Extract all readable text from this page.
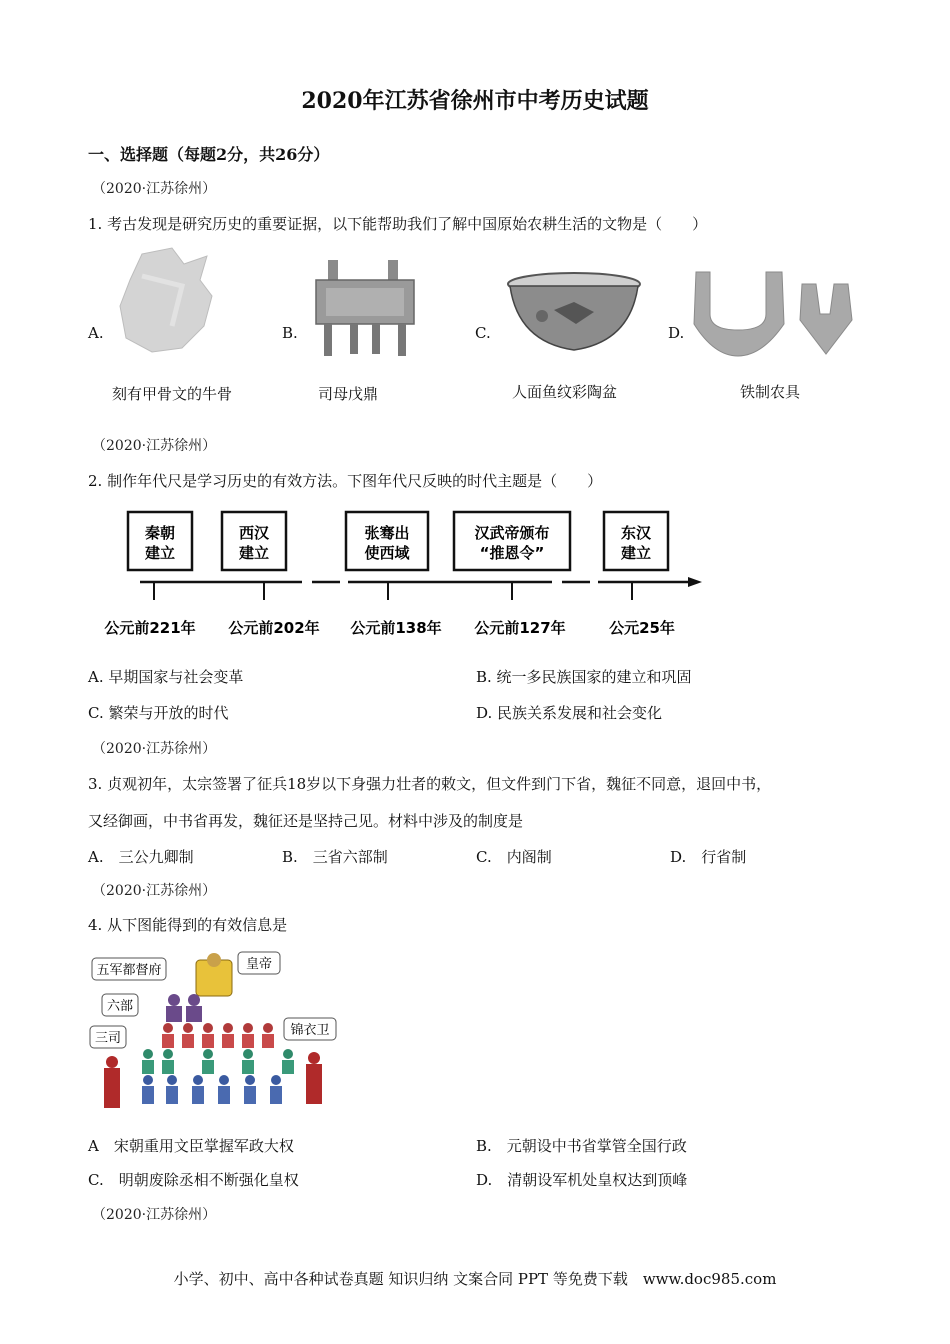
2020年江苏省徐州市中考历史试题
一、选择题（每题2分，共26分）
（2020·江苏徐州）
1. 考古发现是研究历史的重要证据，以下能帮助我们了解中国原始农耕生活的文物是（　　）
A.
刻有甲骨文的牛骨
B.
司母戊鼎
C.
人面鱼纹彩陶盆
D.
铁制农具
（2020·江苏徐州）
2. 制作年代尺是学习历史的有效方法。下图年代尺反映的时代主题是（　　）
秦朝
建立
西汉
建立
张骞出
使西域
汉武帝颁布
“推恩令”
东汉
建立
公元前221年 公元前202年 公元前138年 公元前127年	公元25年
A. 早期国家与社会变革	B. 统一多民族国家的建立和巩固
C. 繁荣与开放的时代	D. 民族关系发展和社会变化
（2020·江苏徐州）
3. 贞观初年，太宗签署了征兵18岁以下身强力壮者的敕文，但文件到门下省，魏征不同意，退回中书，
又经御画，中书省再发，魏征还是坚持己见。材料中涉及的制度是
A.　三公九卿制	B.　三省六部制	C.　内阁制	D.　行省制
（2020·江苏徐州）
4. 从下图能得到的有效信息是
五军都督府	皇帝
六部
三司
锦衣卫
A　宋朝重用文臣掌握军政大权	B.　元朝设中书省掌管全国行政
C.　明朝废除丞相不断强化皇权	D.　清朝设军机处皇权达到顶峰
（2020·江苏徐州）
小学、初中、高中各种试卷真题 知识归纳 文案合同 PPT 等免费下载　www.doc985.com
